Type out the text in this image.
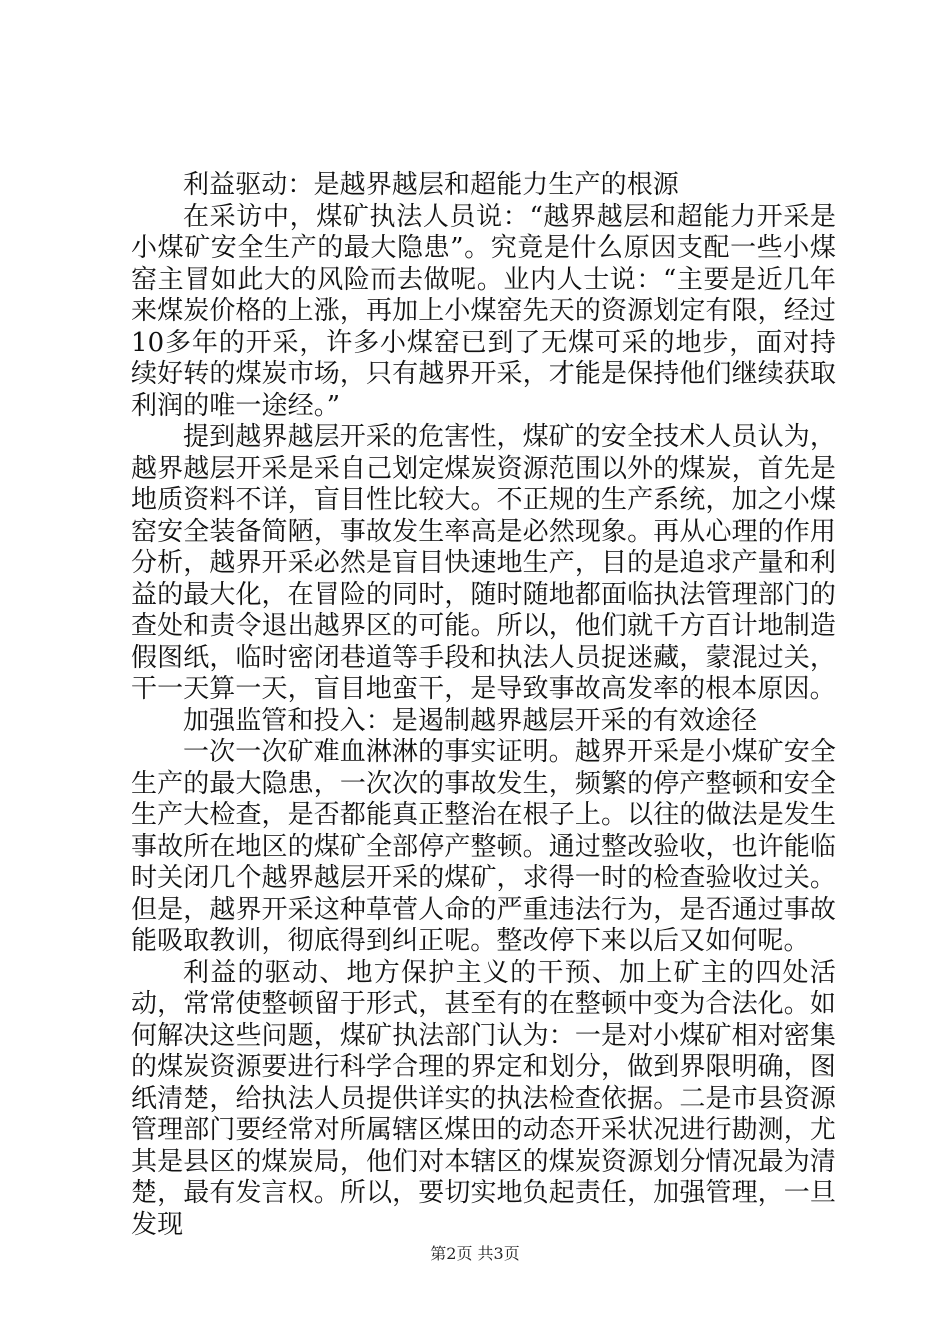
利益驱动：是越界越层和超能力生产的根源

在采访中，煤矿执法人员说：“越界越层和超能力开采是小煤矿安全生产的最大隐患”。究竟是什么原因支配一些小煤窑主冒如此大的风险而去做呢。业内人士说：“主要是近几年来煤炭价格的上涨，再加上小煤窑先天的资源划定有限，经过10多年的开采，许多小煤窑已到了无煤可采的地步，面对持续好转的煤炭市场，只有越界开采，才能是保持他们继续获取利润的唯一途经。”

提到越界越层开采的危害性，煤矿的安全技术人员认为，越界越层开采是采自己划定煤炭资源范围以外的煤炭，首先是地质资料不详，盲目性比较大。不正规的生产系统，加之小煤窑安全装备简陋，事故发生率高是必然现象。再从心理的作用分析，越界开采必然是盲目快速地生产，目的是追求产量和利益的最大化，在冒险的同时，随时随地都面临执法管理部门的查处和责令退出越界区的可能。所以，他们就千方百计地制造假图纸，临时密闭巷道等手段和执法人员捉迷藏，蒙混过关，干一天算一天，盲目地蛮干，是导致事故高发率的根本原因。

加强监管和投入：是遏制越界越层开采的有效途径

一次一次矿难血淋淋的事实证明。越界开采是小煤矿安全生产的最大隐患，一次次的事故发生，频繁的停产整顿和安全生产大检查，是否都能真正整治在根子上。以往的做法是发生事故所在地区的煤矿全部停产整顿。通过整改验收，也许能临时关闭几个越界越层开采的煤矿，求得一时的检查验收过关。但是，越界开采这种草菅人命的严重违法行为，是否通过事故能吸取教训，彻底得到纠正呢。整改停下来以后又如何呢。

利益的驱动、地方保护主义的干预、加上矿主的四处活动，常常使整顿留于形式，甚至有的在整顿中变为合法化。如何解决这些问题，煤矿执法部门认为：一是对小煤矿相对密集的煤炭资源要进行科学合理的界定和划分，做到界限明确，图纸清楚，给执法人员提供详实的执法检查依据。二是市县资源管理部门要经常对所属辖区煤田的动态开采状况进行勘测，尤其是县区的煤炭局，他们对本辖区的煤炭资源划分情况最为清楚，最有发言权。所以，要切实地负起责任，加强管理，一旦发现

第2页 共3页
